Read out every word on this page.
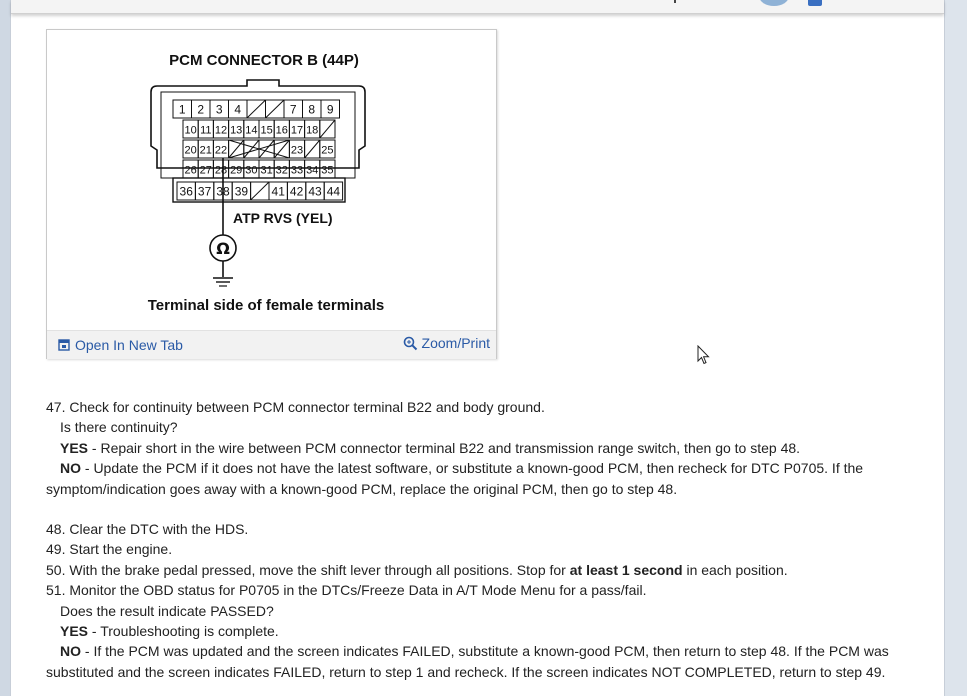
PCM CONNECTOR B (44P)
1 2 3 4	7 8 9
10 11 12 13 14 15 16 17 18
20 21 22	23 25
26 27 28 29 30 31 32 33 34 35
36 37 38 39 41 42 43 44
ATP RVS (YEL)
Ω
Terminal side of female terminals
Open In New Tab	Zoom/Print

47. Check for continuity between PCM connector terminal B22 and body ground.

Is there continuity?

YES - Repair short in the wire between PCM connector terminal B22 and transmission range switch, then go to step 48.

NO - Update the PCM if it does not have the latest software, or substitute a known-good PCM, then recheck for DTC P0705. If the

symptom/indication goes away with a known-good PCM, replace the original PCM, then go to step 48.

48. Clear the DTC with the HDS.

49. Start the engine.

50. With the brake pedal pressed, move the shift lever through all positions. Stop for at least 1 second in each position.

51. Monitor the OBD status for P0705 in the DTCs/Freeze Data in A/T Mode Menu for a pass/fail.

Does the result indicate PASSED?

YES - Troubleshooting is complete.

NO - If the PCM was updated and the screen indicates FAILED, substitute a known-good PCM, then return to step 48. If the PCM was

substituted and the screen indicates FAILED, return to step 1 and recheck. If the screen indicates NOT COMPLETED, return to step 49.
